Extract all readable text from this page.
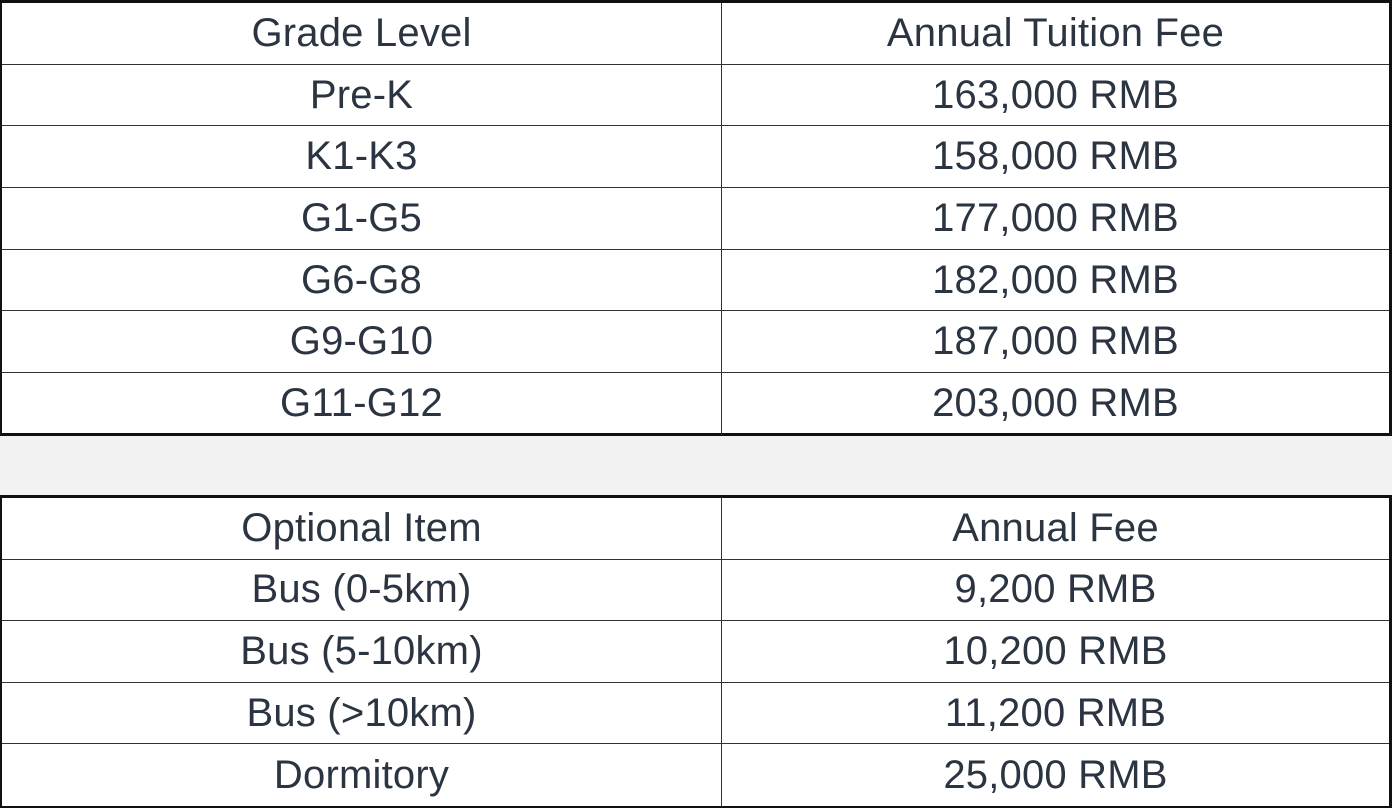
Grade Level	Annual Tuition Fee
Pre-K	163,000 RMB
K1-K3	158,000 RMB
G1-G5	177,000 RMB
G6-G8	182,000 RMB
G9-G10	187,000 RMB
G11-G12	203,000 RMB
Optional Item	Annual Fee
Bus (0-5km)	9,200 RMB
Bus (5-10km)	10,200 RMB
Bus (>10km)	11,200 RMB
Dormitory	25,000 RMB
